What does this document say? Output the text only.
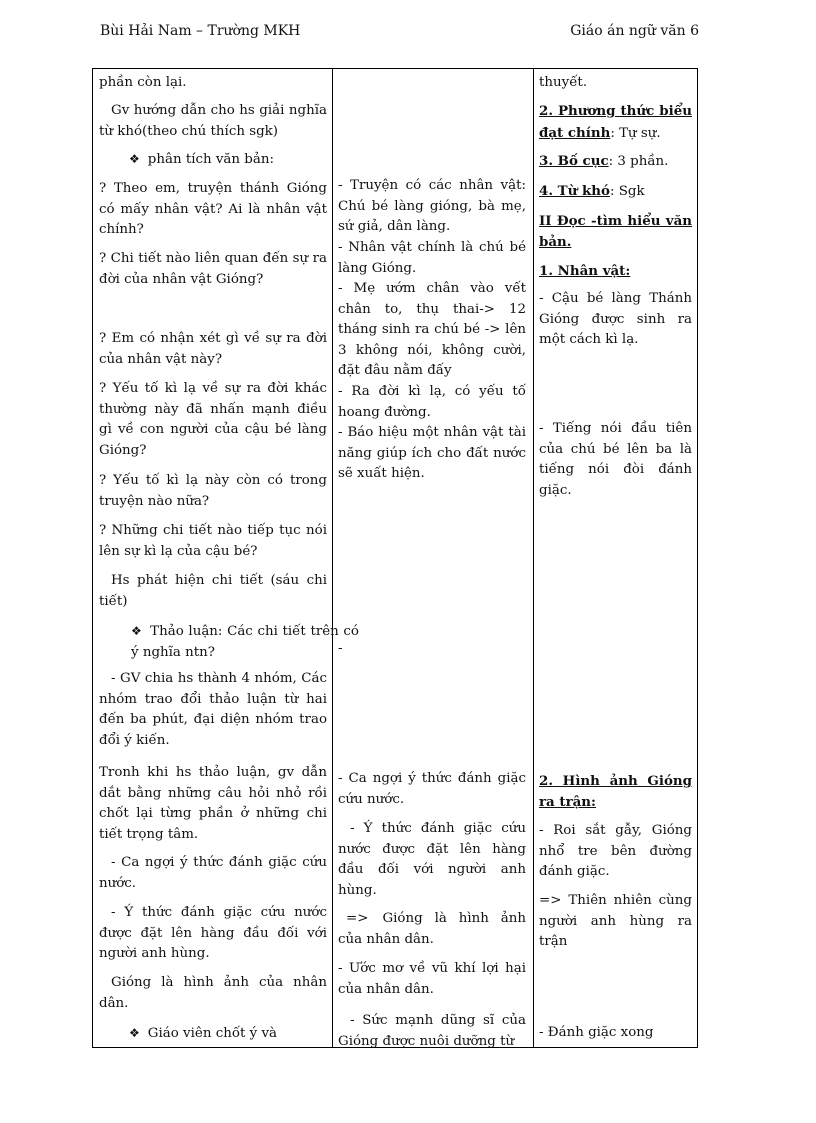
Bùi Hải Nam – Trường MKH	Giáo án ngữ văn 6

phần còn lại.

Gv hướng dẫn cho hs giải nghĩa từ khó(theo chú thích sgk)

❖ phân tích văn bản:

? Theo em, truyện thánh Gióng có mấy nhân vật? Ai là nhân vật chính?

? Chi tiết nào liên quan đến sự ra đời của nhân vật Gióng?

? Em có nhận xét gì về sự ra đời của nhân vật này?

? Yếu tố kì lạ về sự ra đời khác thường này đã nhấn mạnh điều gì về con người của cậu bé làng Gióng?

? Yếu tố kì lạ này còn có trong truyện nào nữa?

? Những chi tiết nào tiếp tục nói lên sự kì lạ của cậu bé?

Hs phát hiện chi tiết (sáu chi tiết)

❖ Thảo luận: Các chi tiết trên có ý nghĩa ntn?

- GV chia hs thành 4 nhóm, Các nhóm trao đổi thảo luận từ hai đến ba phút, đại diện nhóm trao đổi ý kiến.

Tronh khi hs thảo luận, gv dẫn dắt bằng những câu hỏi nhỏ rồi chốt lại từng phần ở những chi tiết trọng tâm.

- Ca ngợi ý thức đánh giặc cứu nước.

- Ý thức đánh giặc cứu nước được đặt lên hàng đầu đối với người anh hùng.

Gióng là hình ảnh của nhân dân.

❖ Giáo viên chốt ý và

- Truyện có các nhân vật: Chú bé làng gióng, bà mẹ, sứ giả, dân làng.

- Nhân vật chính là chú bé làng Gióng.

- Mẹ ướm chân vào vết chân to, thụ thai-> 12 tháng sinh ra chú bé -> lên 3 không nói, không cười, đặt đâu nằm đấy

- Ra đời kì lạ, có yếu tố hoang đường.

- Báo hiệu một nhân vật tài năng giúp ích cho đất nước sẽ xuất hiện.

-

- Ca ngợi ý thức đánh giặc cứu nước.

- Ý thức đánh giặc cứu nước được đặt lên hàng đầu đối với người anh hùng.

=> Gióng là hình ảnh của nhân dân.

- Ước mơ về vũ khí lợi hại của nhân dân.

- Sức mạnh dũng sĩ của Gióng được nuôi dưỡng từ

thuyết.

2. Phương thức biểu đạt chính: Tự sự.

3. Bố cục: 3 phần.

4. Từ khó: Sgk

II Đọc -tìm hiểu văn bản.

1. Nhân vật:

- Cậu bé làng Thánh Gióng được sinh ra một cách kì lạ.

- Tiếng nói đầu tiên của chú bé lên ba là tiếng nói đòi đánh giặc.

2. Hình ảnh Gióng ra trận:

- Roi sắt gẫy, Gióng nhổ tre bên đường đánh giặc.

=> Thiên nhiên cùng người anh hùng ra trận

- Đánh giặc xong
